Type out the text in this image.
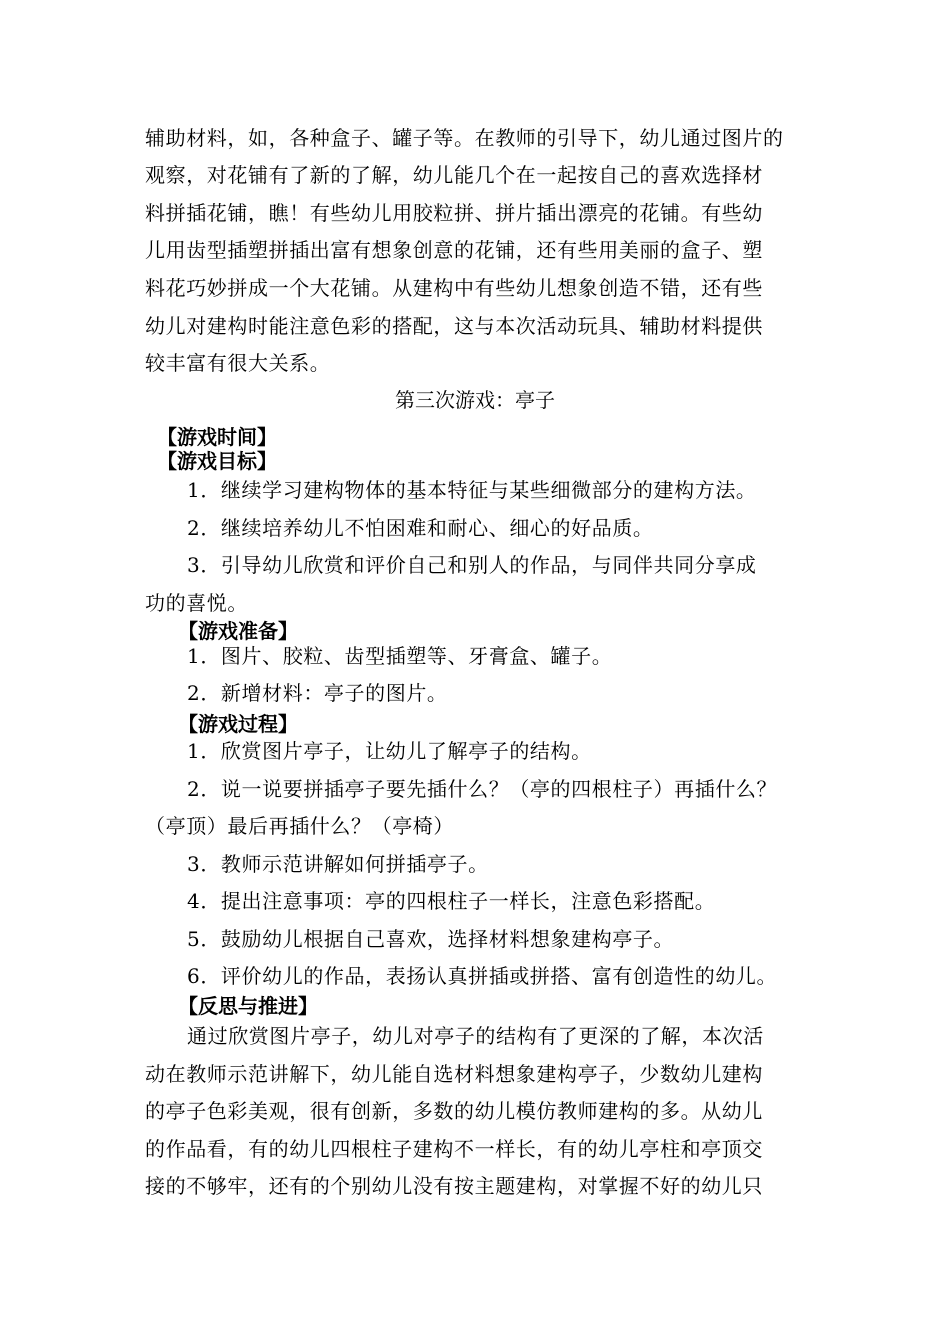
辅助材料，如，各种盒子、罐子等。在教师的引导下，幼儿通过图片的
观察，对花铺有了新的了解，幼儿能几个在一起按自己的喜欢选择材
料拼插花铺，瞧！有些幼儿用胶粒拼、拼片插出漂亮的花铺。有些幼
儿用齿型插塑拼插出富有想象创意的花铺，还有些用美丽的盒子、塑
料花巧妙拼成一个大花铺。从建构中有些幼儿想象创造不错，还有些
幼儿对建构时能注意色彩的搭配，这与本次活动玩具、辅助材料提供
较丰富有很大关系。
第三次游戏：亭子
【游戏时间】
【游戏目标】
1．继续学习建构物体的基本特征与某些细微部分的建构方法。
2．继续培养幼儿不怕困难和耐心、细心的好品质。
3．引导幼儿欣赏和评价自己和别人的作品，与同伴共同分享成
功的喜悦。
【游戏准备】
1．图片、胶粒、齿型插塑等、牙膏盒、罐子。
2．新增材料：亭子的图片。
【游戏过程】
1．欣赏图片亭子，让幼儿了解亭子的结构。
2．说一说要拼插亭子要先插什么？（亭的四根柱子）再插什么？
（亭顶）最后再插什么？（亭椅）
3．教师示范讲解如何拼插亭子。
4．提出注意事项：亭的四根柱子一样长，注意色彩搭配。
5．鼓励幼儿根据自己喜欢，选择材料想象建构亭子。
6．评价幼儿的作品，表扬认真拼插或拼搭、富有创造性的幼儿。
【反思与推进】
通过欣赏图片亭子，幼儿对亭子的结构有了更深的了解，本次活
动在教师示范讲解下，幼儿能自选材料想象建构亭子，少数幼儿建构
的亭子色彩美观，很有创新，多数的幼儿模仿教师建构的多。从幼儿
的作品看，有的幼儿四根柱子建构不一样长，有的幼儿亭柱和亭顶交
接的不够牢，还有的个别幼儿没有按主题建构，对掌握不好的幼儿只
